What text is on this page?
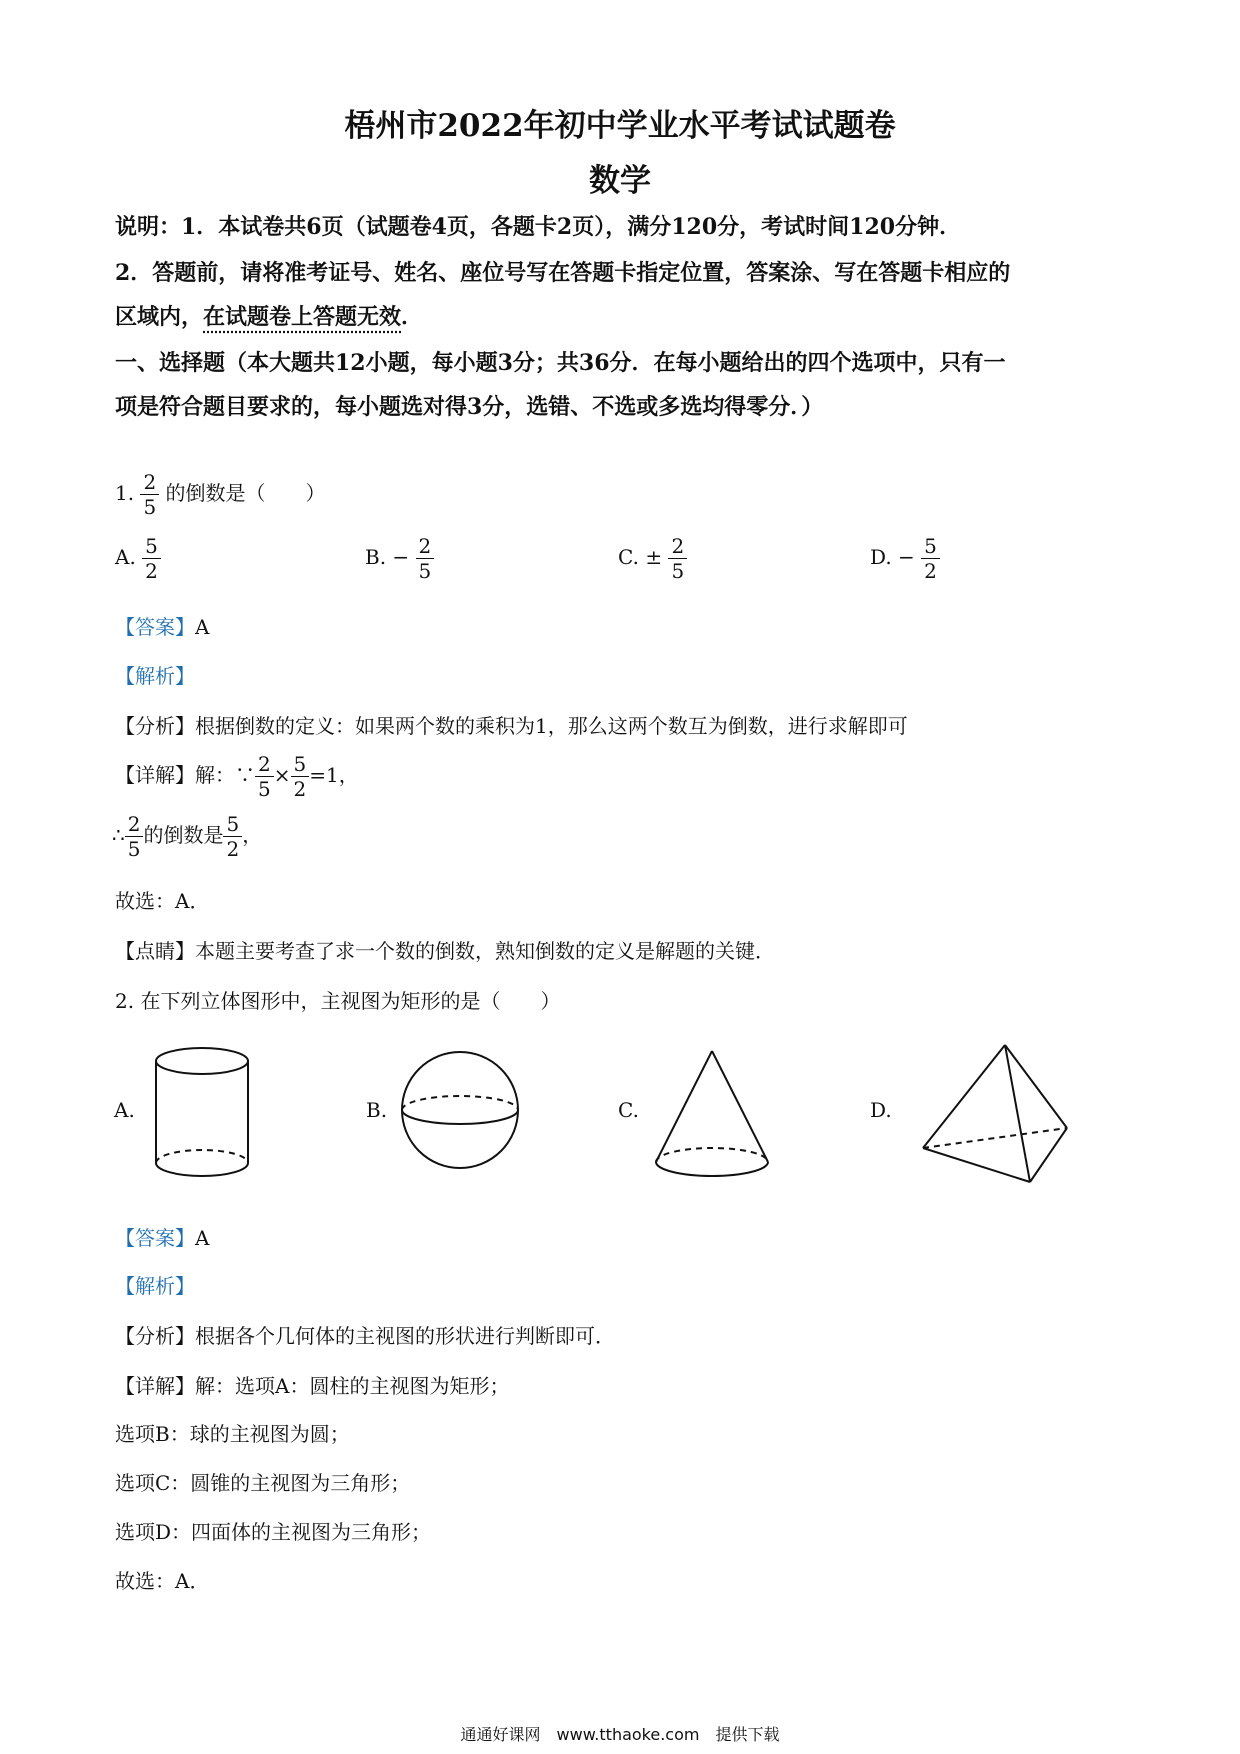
梧州市2022年初中学业水平考试试题卷
数学
说明：1．本试卷共6页（试题卷4页，各题卡2页），满分120分，考试时间120分钟．
2．答题前，请将准考证号、姓名、座位号写在答题卡指定位置，答案涂、写在答题卡相应的
区域内，在试题卷上答题无效．
一、选择题（本大题共12小题，每小题3分；共36分．在每小题给出的四个选项中，只有一
项是符合题目要求的，每小题选对得3分，选错、不选或多选均得零分．）
1. $\frac{2}{5}$ 的倒数是（　　）
A. $\frac{5}{2}$	B. − $\frac{2}{5}$	C. ± $\frac{2}{5}$	D. − $\frac{5}{2}$
【答案】A
【解析】
【分析】根据倒数的定义：如果两个数的乘积为1，那么这两个数互为倒数，进行求解即可
【详解】解：∵ $\frac{2}{5} \times \frac{5}{2} =1$，
∴ $\frac{2}{5}$ 的倒数是 $\frac{5}{2}$ ，
故选：A．
【点睛】本题主要考查了求一个数的倒数，熟知倒数的定义是解题的关键．
2. 在下列立体图形中，主视图为矩形的是（　　）
A.	B.	C.	D.
【答案】A
【解析】
【分析】根据各个几何体的主视图的形状进行判断即可．
【详解】解：选项A：圆柱的主视图为矩形；
选项B：球的主视图为圆；
选项C：圆锥的主视图为三角形；
选项D：四面体的主视图为三角形；
故选：A．
通通好课网　www.tthaoke.com　提供下载
